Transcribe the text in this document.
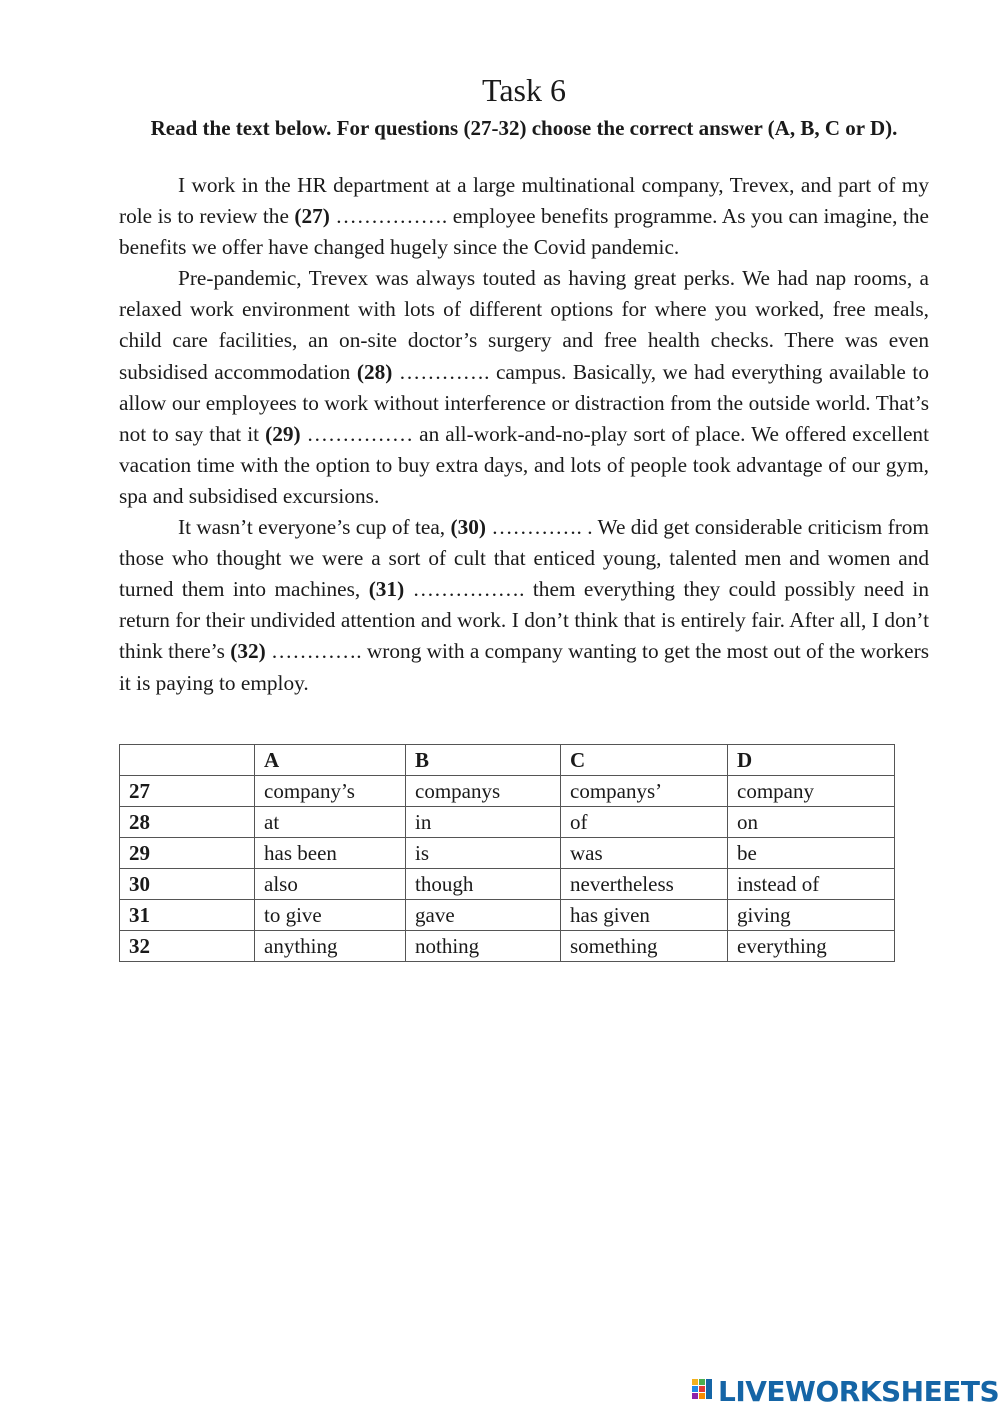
Task 6
Read the text below. For questions (27-32) choose the correct answer (A, B, C or D).

I work in the HR department at a large multinational company, Trevex, and part of my role is to review the (27) ……………. employee benefits programme. As you can imagine, the benefits we offer have changed hugely since the Covid pandemic.

Pre-pandemic, Trevex was always touted as having great perks. We had nap rooms, a relaxed work environment with lots of different options for where you worked, free meals, child care facilities, an on-site doctor’s surgery and free health checks. There was even subsidised accommodation (28) …………. campus. Basically, we had everything available to allow our employees to work without interference or distraction from the outside world. That’s not to say that it (29) …………… an all-work-and-no-play sort of place. We offered excellent vacation time with the option to buy extra days, and lots of people took advantage of our gym, spa and subsidised excursions.

It wasn’t everyone’s cup of tea, (30) …………. . We did get considerable criticism from those who thought we were a sort of cult that enticed young, talented men and women and turned them into machines, (31) ……………. them everything they could possibly need in return for their undivided attention and work. I don’t think that is entirely fair. After all, I don’t think there’s (32) …………. wrong with a company wanting to get the most out of the workers it is paying to employ.

	A	B	C	D
27	company’s	companys	companys’	company
28	at	in	of	on
29	has been	is	was	be
30	also	though	nevertheless	instead of
31	to give	gave	has given	giving
32	anything	nothing	something	everything
LIVEWORKSHEETS
